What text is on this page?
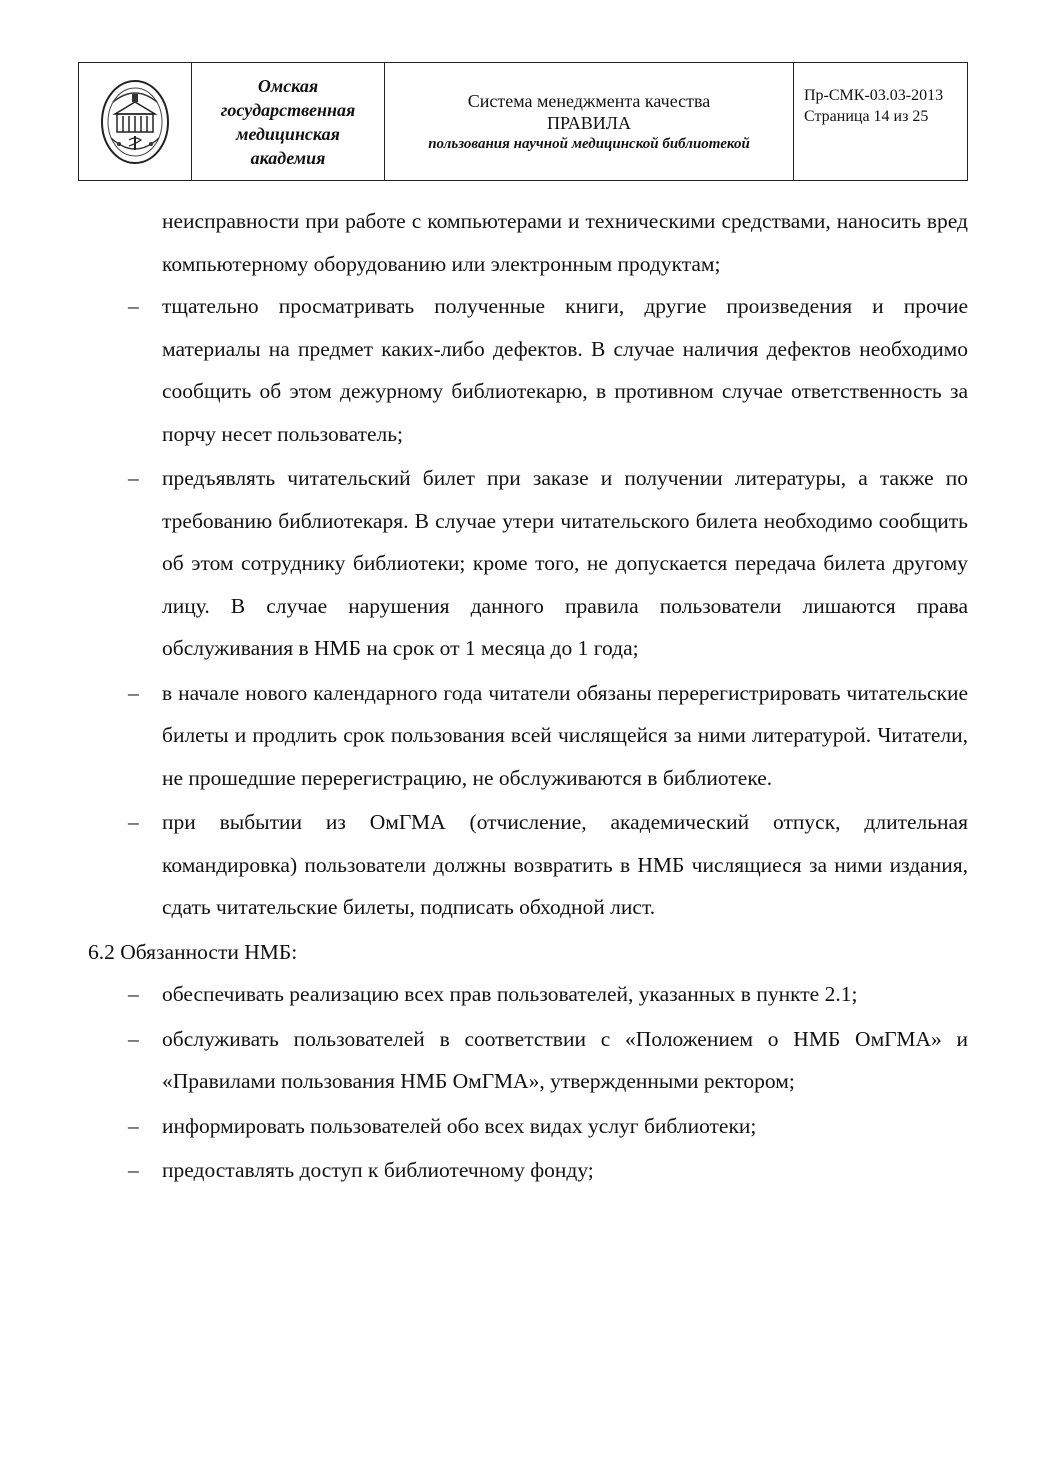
Омская
государственная
медицинская
академия

Система менеджмента качества
ПРАВИЛА
пользования научной медицинской библиотекой

Пр-СМК-03.03-2013
Страница 14 из 25
неисправности при работе с компьютерами и техническими средствами, наносить вред компьютерному оборудованию или электронным продуктам;
– тщательно просматривать полученные книги, другие произведения и прочие материалы на предмет каких-либо дефектов. В случае наличия дефектов необходимо сообщить об этом дежурному библиотекарю, в противном случае ответственность за порчу несет пользователь;
– предъявлять читательский билет при заказе и получении литературы, а также по требованию библиотекаря. В случае утери читательского билета необходимо сообщить об этом сотруднику библиотеки; кроме того, не допускается передача билета другому лицу. В случае нарушения данного правила пользователи лишаются права обслуживания в НМБ на срок от 1 месяца до 1 года;
– в начале нового календарного года читатели обязаны перерегистрировать читательские билеты и продлить срок пользования всей числящейся за ними литературой. Читатели, не прошедшие перерегистрацию, не обслуживаются в библиотеке.
– при выбытии из ОмГМА (отчисление, академический отпуск, длительная командировка) пользователи должны возвратить в НМБ числящиеся за ними издания, сдать читательские билеты, подписать обходной лист.
6.2 Обязанности НМБ:
– обеспечивать реализацию всех прав пользователей, указанных в пункте 2.1;
– обслуживать пользователей в соответствии с «Положением о НМБ ОмГМА» и «Правилами пользования НМБ ОмГМА», утвержденными ректором;
– информировать пользователей обо всех видах услуг библиотеки;
– предоставлять доступ к библиотечному фонду;
